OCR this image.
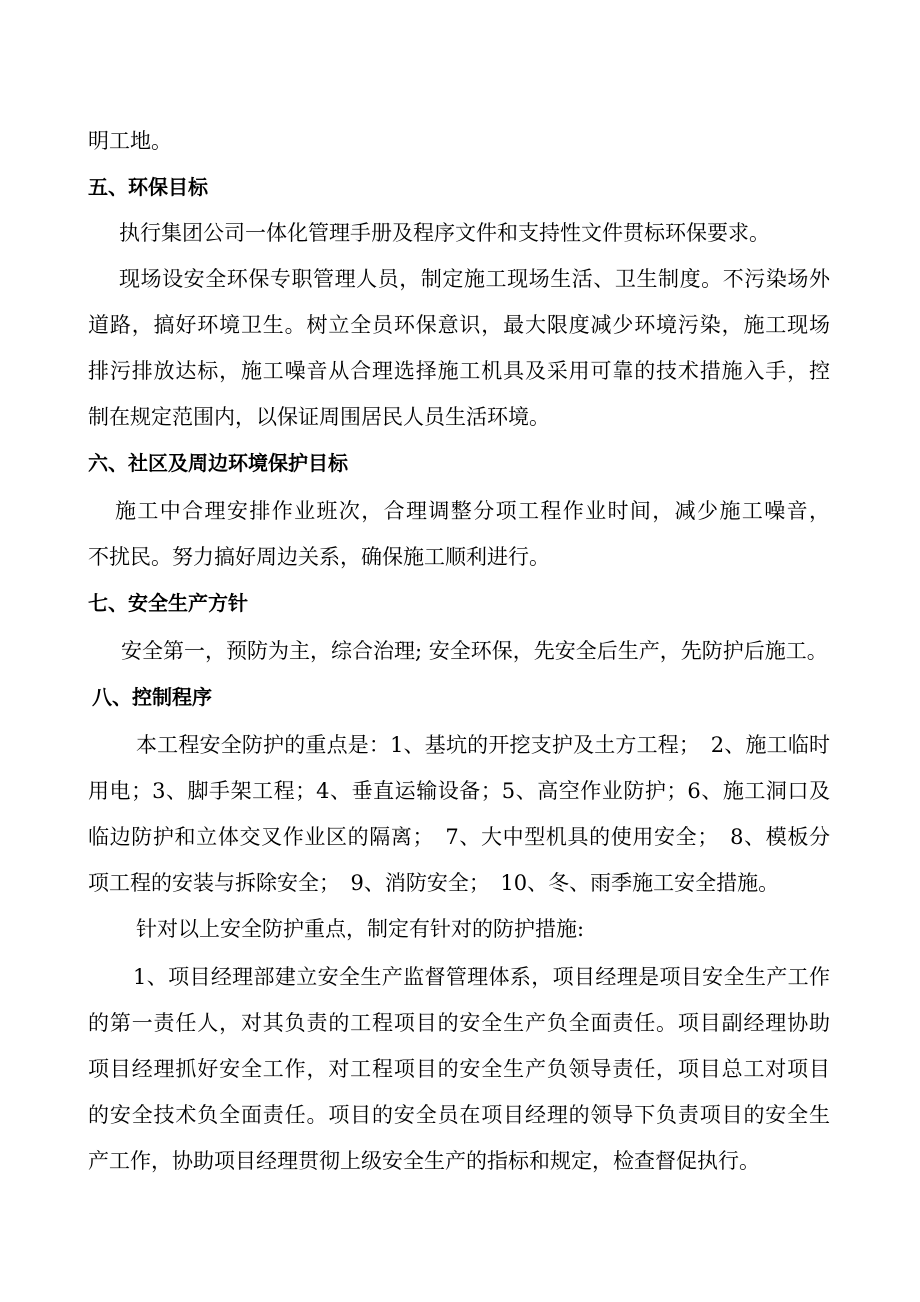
明工地。
五、环保目标
执行集团公司一体化管理手册及程序文件和支持性文件贯标环保要求。
现场设安全环保专职管理人员，制定施工现场生活、卫生制度。不污染场外
道路，搞好环境卫生。树立全员环保意识，最大限度减少环境污染，施工现场
排污排放达标，施工噪音从合理选择施工机具及采用可靠的技术措施入手，控
制在规定范围内，以保证周围居民人员生活环境。
六、社区及周边环境保护目标
施工中合理安排作业班次，合理调整分项工程作业时间，减少施工噪音，
不扰民。努力搞好周边关系，确保施工顺利进行。
七、安全生产方针
安全第一，预防为主，综合治理; 安全环保，先安全后生产，先防护后施工。
八、控制程序
本工程安全防护的重点是：1、基坑的开挖支护及土方工程；　2、施工临时
用电；3、脚手架工程；4、垂直运输设备；5、高空作业防护；6、施工洞口及
临边防护和立体交叉作业区的隔离；　7、大中型机具的使用安全；　8、模板分
项工程的安装与拆除安全；　9、消防安全；　10、冬、雨季施工安全措施。
针对以上安全防护重点，制定有针对的防护措施:
1、项目经理部建立安全生产监督管理体系，项目经理是项目安全生产工作
的第一责任人，对其负责的工程项目的安全生产负全面责任。项目副经理协助
项目经理抓好安全工作，对工程项目的安全生产负领导责任，项目总工对项目
的安全技术负全面责任。项目的安全员在项目经理的领导下负责项目的安全生
产工作，协助项目经理贯彻上级安全生产的指标和规定，检查督促执行。
